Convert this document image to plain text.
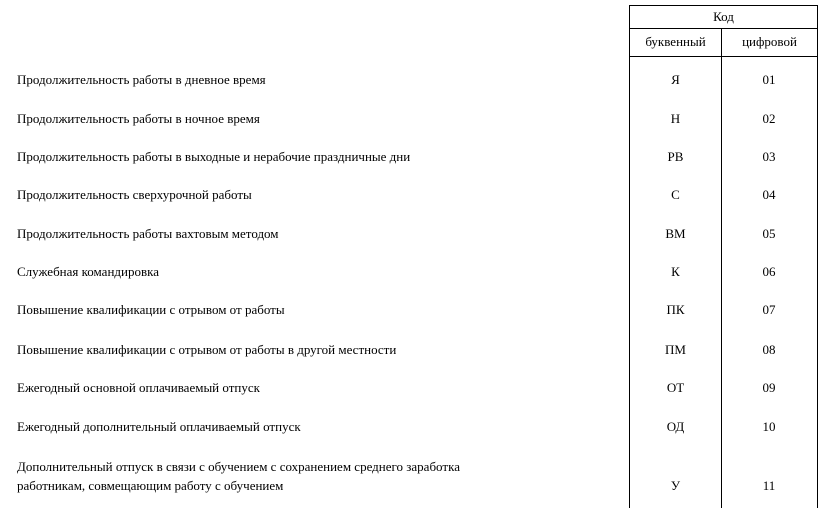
Код
буквенный	цифровой
Продолжительность работы в дневное время	Я	01
Продолжительность работы в ночное время	Н	02
Продолжительность работы в выходные и нерабочие праздничные дни	РВ	03
Продолжительность сверхурочной работы	С	04
Продолжительность работы вахтовым методом	ВМ	05
Служебная командировка	К	06
Повышение квалификации с отрывом от работы	ПК	07
Повышение квалификации с отрывом от работы в другой местности	ПМ	08
Ежегодный основной оплачиваемый отпуск	ОТ	09
Ежегодный дополнительный оплачиваемый отпуск	ОД	10
Дополнительный отпуск в связи с обучением с сохранением среднего заработка работникам, совмещающим работу с обучением	У	11
